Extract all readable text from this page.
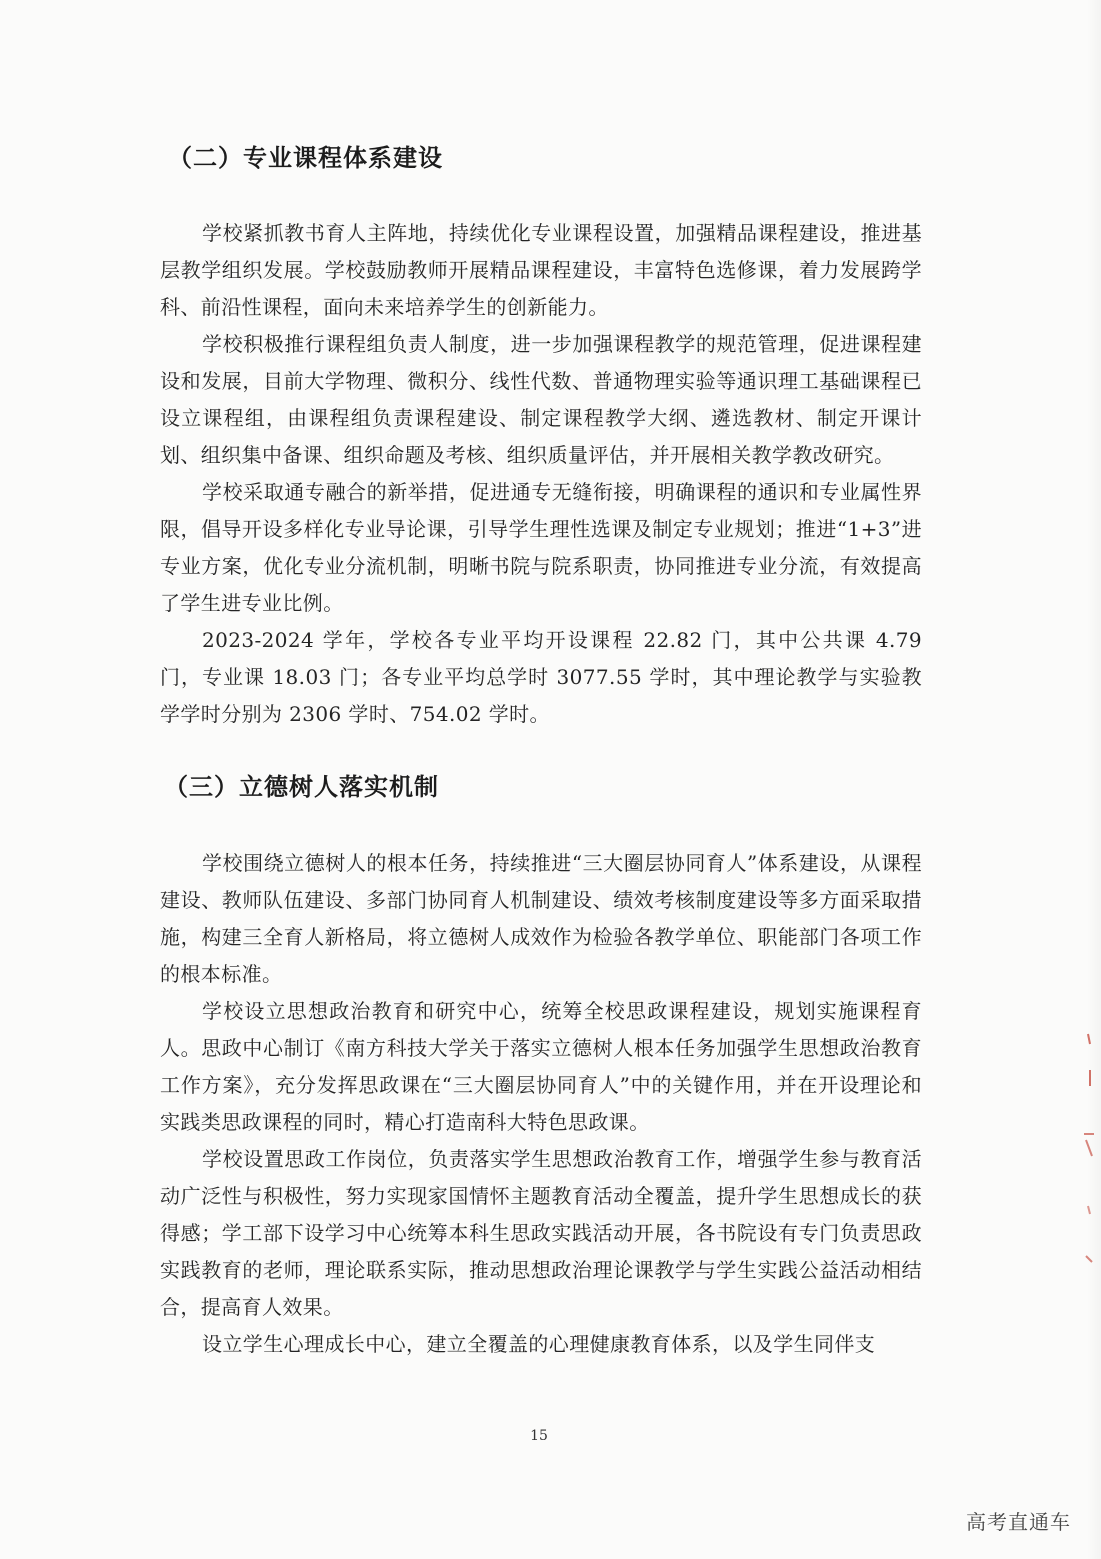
（二）专业课程体系建设

学校紧抓教书育人主阵地，持续优化专业课程设置，加强精品课程建设，推进基层教学组织发展。学校鼓励教师开展精品课程建设，丰富特色选修课，着力发展跨学科、前沿性课程，面向未来培养学生的创新能力。

学校积极推行课程组负责人制度，进一步加强课程教学的规范管理，促进课程建设和发展，目前大学物理、微积分、线性代数、普通物理实验等通识理工基础课程已设立课程组，由课程组负责课程建设、制定课程教学大纲、遴选教材、制定开课计划、组织集中备课、组织命题及考核、组织质量评估，并开展相关教学教改研究。

学校采取通专融合的新举措，促进通专无缝衔接，明确课程的通识和专业属性界限，倡导开设多样化专业导论课，引导学生理性选课及制定专业规划；推进“1+3”进专业方案，优化专业分流机制，明晰书院与院系职责，协同推进专业分流，有效提高了学生进专业比例。

2023-2024 学年，学校各专业平均开设课程 22.82 门，其中公共课 4.79 门，专业课 18.03 门；各专业平均总学时 3077.55 学时，其中理论教学与实验教学学时分别为 2306 学时、754.02 学时。

（三）立德树人落实机制

学校围绕立德树人的根本任务，持续推进“三大圈层协同育人”体系建设，从课程建设、教师队伍建设、多部门协同育人机制建设、绩效考核制度建设等多方面采取措施，构建三全育人新格局，将立德树人成效作为检验各教学单位、职能部门各项工作的根本标准。

学校设立思想政治教育和研究中心，统筹全校思政课程建设，规划实施课程育人。思政中心制订《南方科技大学关于落实立德树人根本任务加强学生思想政治教育工作方案》，充分发挥思政课在“三大圈层协同育人”中的关键作用，并在开设理论和实践类思政课程的同时，精心打造南科大特色思政课。

学校设置思政工作岗位，负责落实学生思想政治教育工作，增强学生参与教育活动广泛性与积极性，努力实现家国情怀主题教育活动全覆盖，提升学生思想成长的获得感；学工部下设学习中心统筹本科生思政实践活动开展，各书院设有专门负责思政实践教育的老师，理论联系实际，推动思想政治理论课教学与学生实践公益活动相结合，提高育人效果。

设立学生心理成长中心，建立全覆盖的心理健康教育体系，以及学生同伴支

15
高考直通车
